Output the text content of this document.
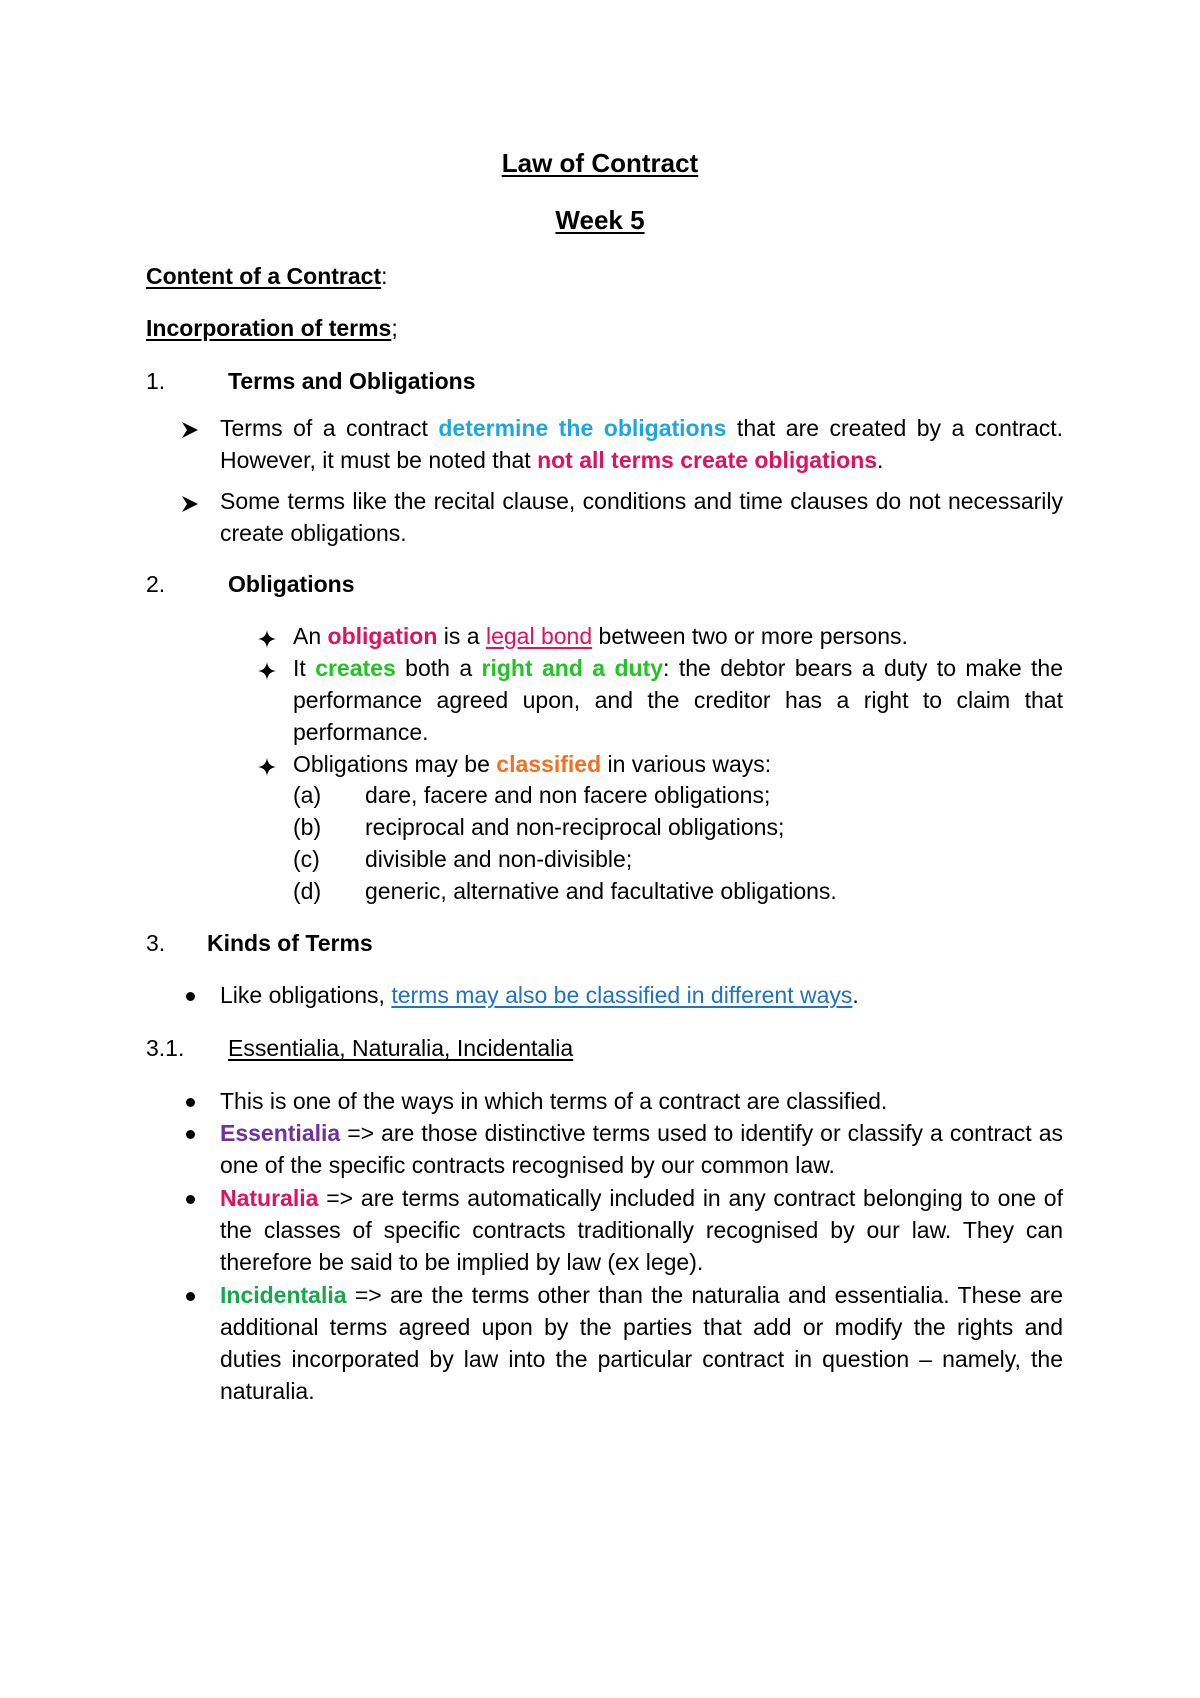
Law of Contract
Week 5
Content of a Contract:
Incorporation of terms;
1.	Terms and Obligations
Terms of a contract determine the obligations that are created by a contract. However, it must be noted that not all terms create obligations.
Some terms like the recital clause, conditions and time clauses do not necessarily create obligations.
2.	Obligations
An obligation is a legal bond between two or more persons.
It creates both a right and a duty: the debtor bears a duty to make the performance agreed upon, and the creditor has a right to claim that performance.
Obligations may be classified in various ways:
(a) dare, facere and non facere obligations;
(b) reciprocal and non-reciprocal obligations;
(c) divisible and non-divisible;
(d) generic, alternative and facultative obligations.
3. Kinds of Terms
Like obligations, terms may also be classified in different ways.
3.1. Essentialia, Naturalia, Incidentalia
This is one of the ways in which terms of a contract are classified.
Essentialia => are those distinctive terms used to identify or classify a contract as one of the specific contracts recognised by our common law.
Naturalia => are terms automatically included in any contract belonging to one of the classes of specific contracts traditionally recognised by our law. They can therefore be said to be implied by law (ex lege).
Incidentalia => are the terms other than the naturalia and essentialia. These are additional terms agreed upon by the parties that add or modify the rights and duties incorporated by law into the particular contract in question – namely, the naturalia.
